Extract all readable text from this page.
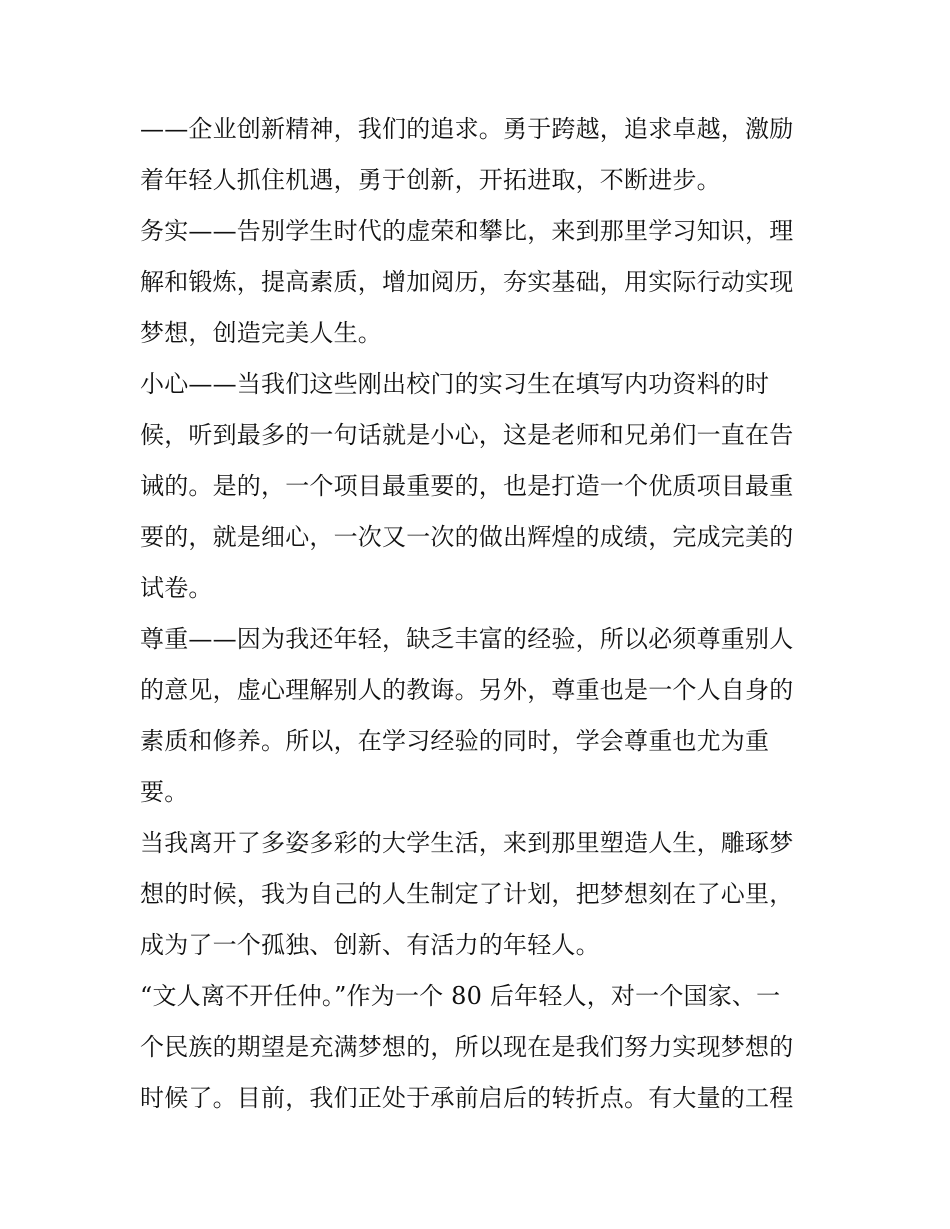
——企业创新精神，我们的追求。勇于跨越，追求卓越，激励
着年轻人抓住机遇，勇于创新，开拓进取，不断进步。
务实——告别学生时代的虚荣和攀比，来到那里学习知识，理
解和锻炼，提高素质，增加阅历，夯实基础，用实际行动实现
梦想，创造完美人生。
小心——当我们这些刚出校门的实习生在填写内功资料的时
候，听到最多的一句话就是小心，这是老师和兄弟们一直在告
诫的。是的，一个项目最重要的，也是打造一个优质项目最重
要的，就是细心，一次又一次的做出辉煌的成绩，完成完美的
试卷。
尊重——因为我还年轻，缺乏丰富的经验，所以必须尊重别人
的意见，虚心理解别人的教诲。另外，尊重也是一个人自身的
素质和修养。所以，在学习经验的同时，学会尊重也尤为重
要。
当我离开了多姿多彩的大学生活，来到那里塑造人生，雕琢梦
想的时候，我为自己的人生制定了计划，把梦想刻在了心里，
成为了一个孤独、创新、有活力的年轻人。
“文人离不开任仲。”作为一个 80 后年轻人，对一个国家、一
个民族的期望是充满梦想的，所以现在是我们努力实现梦想的
时候了。目前，我们正处于承前启后的转折点。有大量的工程
